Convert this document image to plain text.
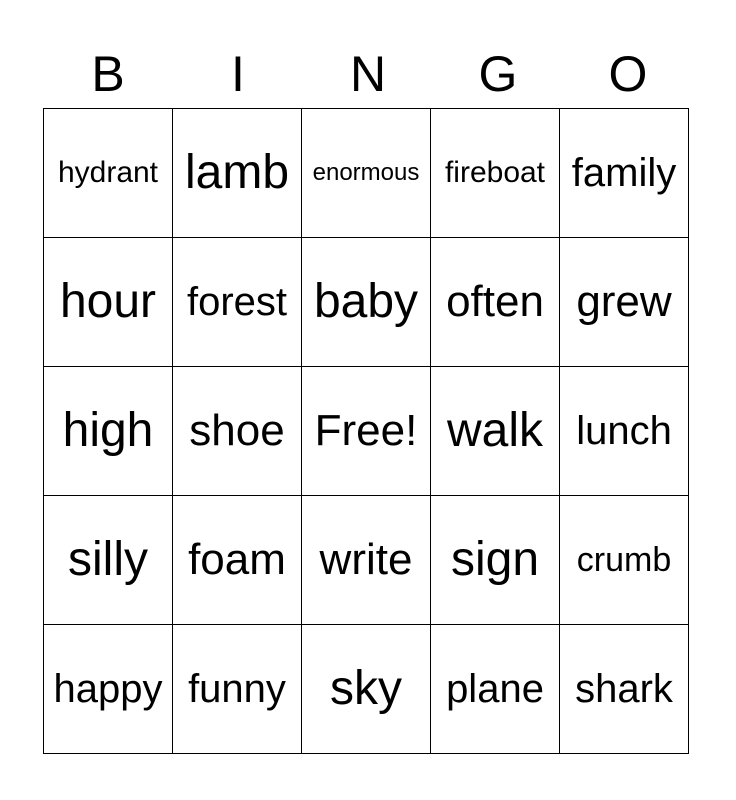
B	I	N	G	O
hydrant	lamb	enormous	fireboat	family
hour	forest	baby	often	grew
high	shoe	Free!	walk	lunch
silly	foam	write	sign	crumb
happy	funny	sky	plane	shark
